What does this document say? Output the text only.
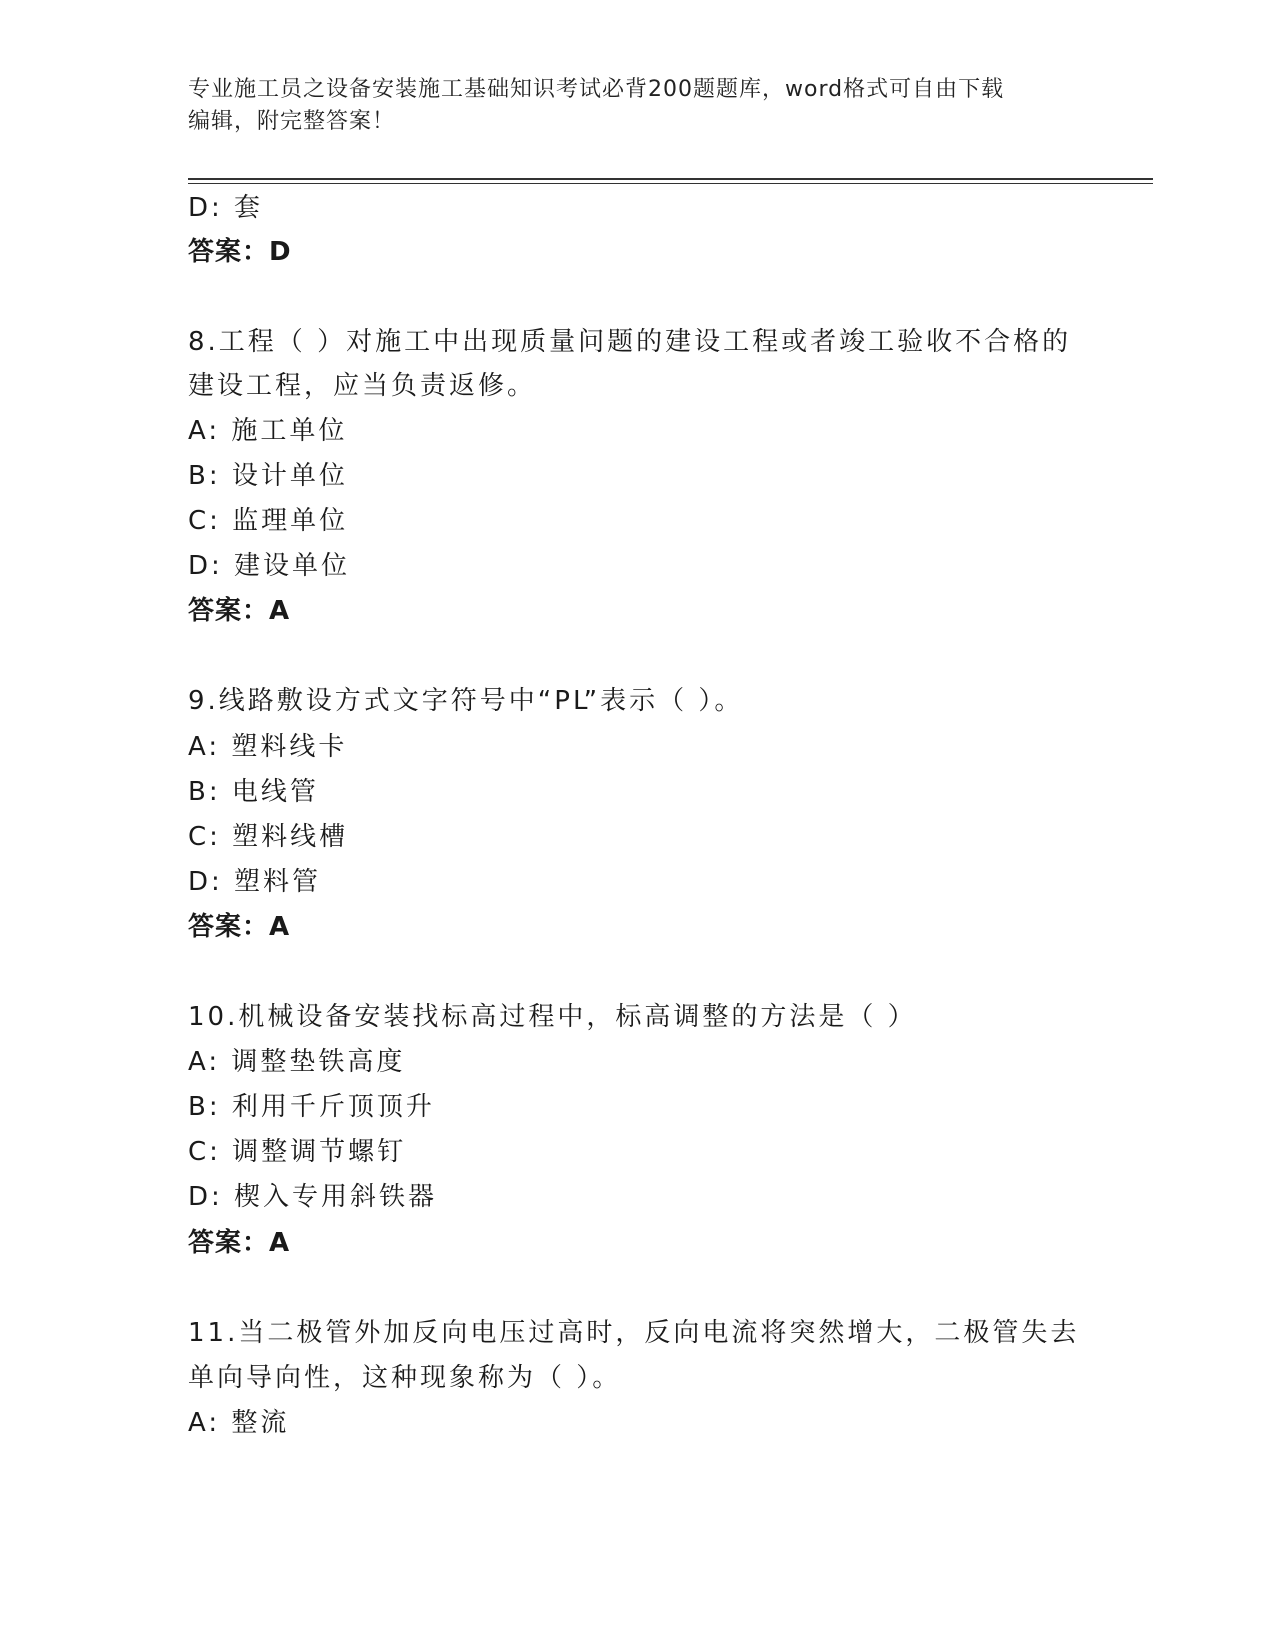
专业施工员之设备安装施工基础知识考试必背200题题库，word格式可自由下载
编辑，附完整答案！
D: 套
答案：D
8.工程（ ）对施工中出现质量问题的建设工程或者竣工验收不合格的
建设工程，应当负责返修。
A: 施工单位
B: 设计单位
C: 监理单位
D: 建设单位
答案：A
9.线路敷设方式文字符号中“PL”表示（ ）。
A: 塑料线卡
B: 电线管
C: 塑料线槽
D: 塑料管
答案：A
10.机械设备安装找标高过程中，标高调整的方法是（ ）
A: 调整垫铁高度
B: 利用千斤顶顶升
C: 调整调节螺钉
D: 楔入专用斜铁器
答案：A
11.当二极管外加反向电压过高时，反向电流将突然增大，二极管失去
单向导向性，这种现象称为（ ）。
A: 整流
